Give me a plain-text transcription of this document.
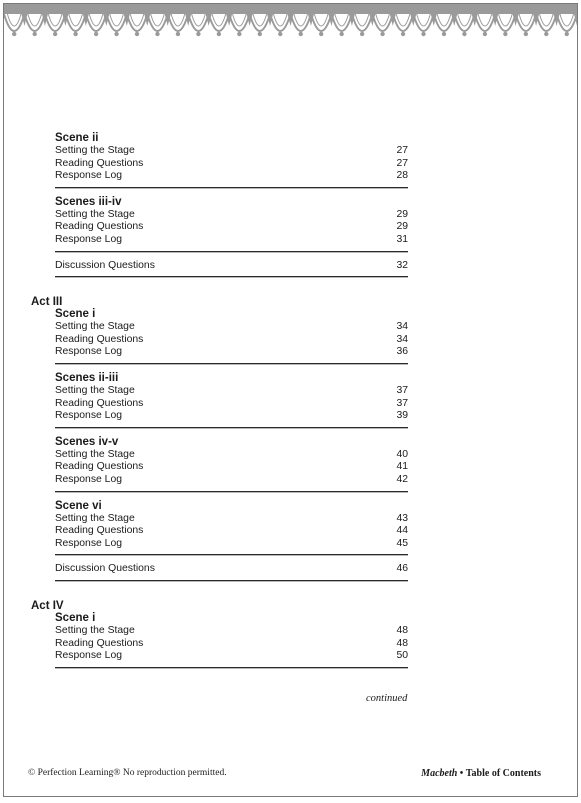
Scene ii
Setting the Stage	27
Reading Questions	27
Response Log	28
Scenes iii-iv
Setting the Stage	29
Reading Questions	29
Response Log	31
Discussion Questions	32
Act III
Scene i
Setting the Stage	34
Reading Questions	34
Response Log	36
Scenes ii-iii
Setting the Stage	37
Reading Questions	37
Response Log	39
Scenes iv-v
Setting the Stage	40
Reading Questions	41
Response Log	42
Scene vi
Setting the Stage	43
Reading Questions	44
Response Log	45
Discussion Questions	46
Act IV
Scene i
Setting the Stage	48
Reading Questions	48
Response Log	50
continued
© Perfection Learning® No reproduction permitted.	Macbeth • Table of Contents
